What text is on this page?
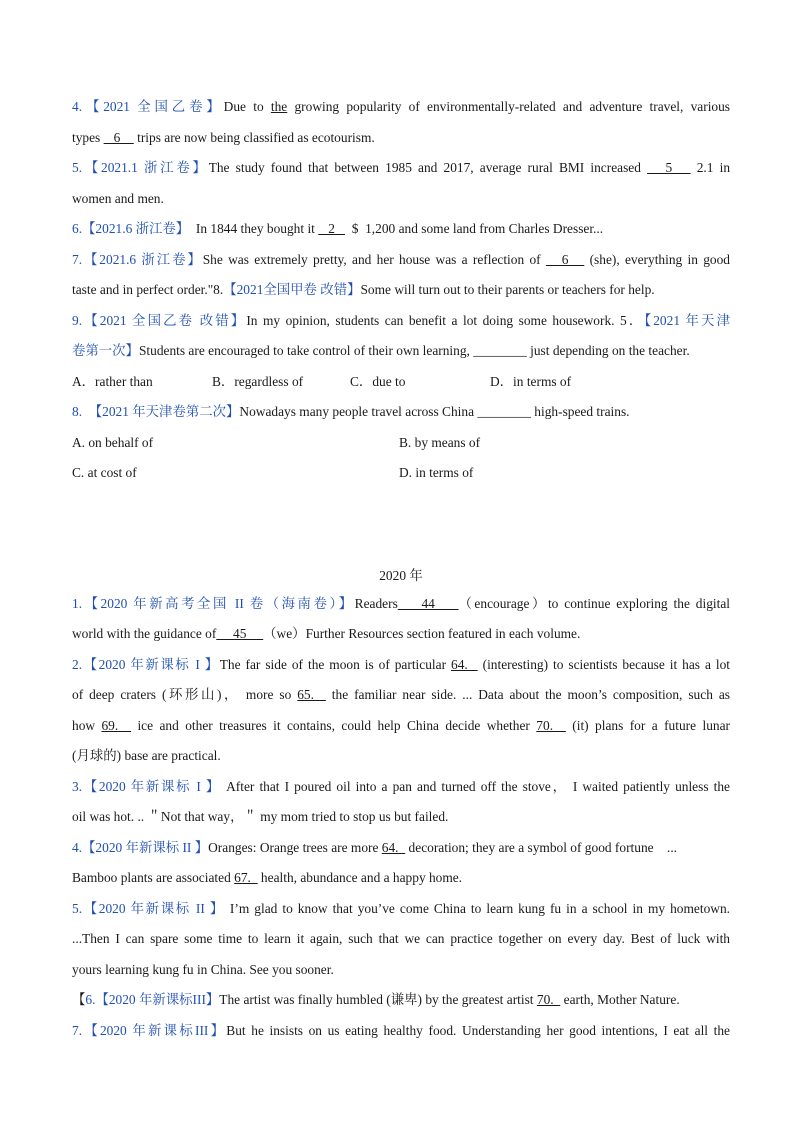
4.【2021 全国乙卷】Due to the growing popularity of environmentally-related and adventure travel, various
types    6     trips are now being classified as ecotourism.
5.【2021.1 浙江卷】The study found that between 1985 and 2017, average rural BMI increased    5    2.1 in
women and men.
6.【2021.6 浙江卷】  In 1844 they bought it    2     $  1,200 and some land from Charles Dresser...
7.【2021.6 浙江卷】She was extremely pretty, and her house was a reflection of    6    (she), everything in good
taste and in perfect order."8.【2021全国甲卷 改错】Some will turn out to their parents or teachers for help.
9.【2021 全国乙卷 改错】In my opinion, students can benefit a lot doing some housework. 5．【2021 年天津
卷第一次】Students are encouraged to take control of their own learning, ________ just depending on the teacher.
A．rather than	B．regardless of	C．due to	D．in terms of
8.  【2021 年天津卷第二次】Nowadays many people travel across China ________ high-speed trains.
A. on behalf of	B. by means of
C. at cost of	D. in terms of
2020 年
1.【2020 年新高考全国 II 卷（海南卷）】Readers    44    （encourage）to continue exploring the digital
world with the guidance of     45     （we）Further Resources section featured in each volume.
2.【2020 年新课标 I 】The far side of the moon is of particular 64.   (interesting) to scientists because it has a lot
of deep craters (环形山)， more so 65.   the familiar near side. ... Data about the moon’s composition, such as
how 69.   ice and other treasures it contains, could help China decide whether 70.   (it) plans for a future lunar
(月球的) base are practical.
3.【2020 年新课标 I 】 After that I poured oil into a pan and turned off the stove， I waited patiently unless the
oil was hot. .. ＂Not that way，＂ my mom tried to stop us but failed.
4.【2020 年新课标 II 】Oranges: Orange trees are more 64.   decoration; they are a symbol of good fortune    ...
Bamboo plants are associated 67.   health, abundance and a happy home.
5.【2020 年新课标 II 】 I’m glad to know that you’ve come China to learn kung fu in a school in my hometown.
...Then I can spare some time to learn it again, such that we can practice together on every day. Best of luck with
yours learning kung fu in China. See you sooner.
【6.【2020 年新课标III】The artist was finally humbled (谦卑) by the greatest artist 70.   earth, Mother Nature.
7.【2020 年新课标III】But he insists on us eating healthy food. Understanding her good intentions, I eat all the
